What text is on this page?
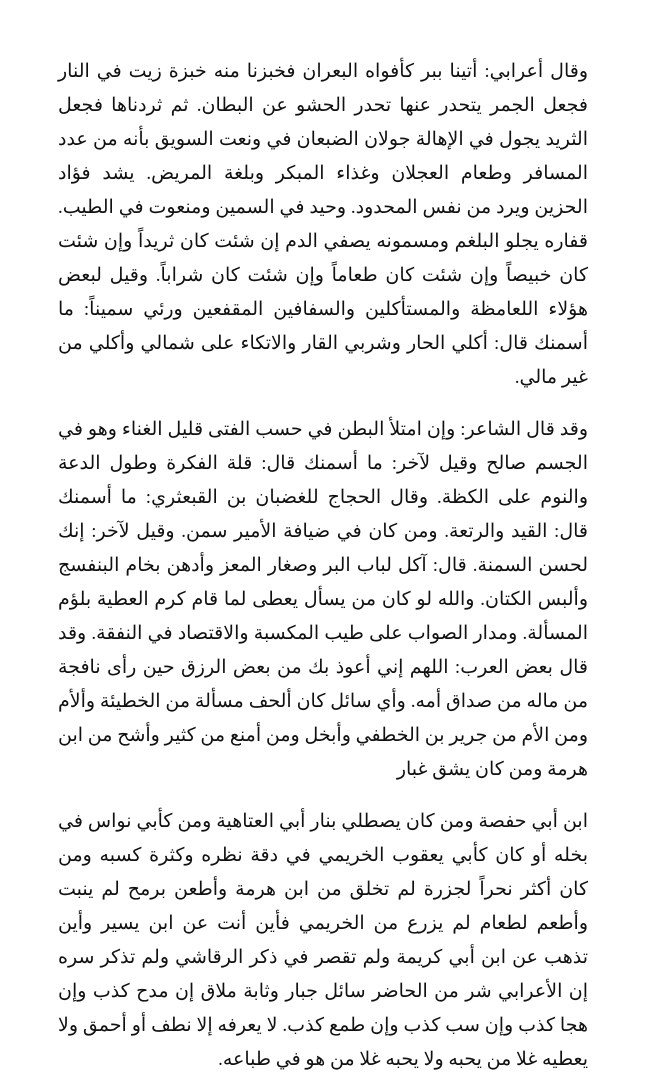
وقال أعرابي: أتينا ببر كأفواه البعران فخبزنا منه خبزة زيت في النار فجعل الجمر يتحدر عنها تحدر الحشو عن البطان. ثم ثردناها فجعل الثريد يجول في الإهالة جولان الضبعان في ونعت السويق بأنه من عدد المسافر وطعام العجلان وغذاء المبكر وبلغة المريض. يشد فؤاد الحزين ويرد من نفس المحدود. وحيد في السمين ومنعوت في الطيب. قفاره يجلو البلغم ومسمونه يصفي الدم إن شئت كان ثريداً وإن شئت كان خبيصاً وإن شئت كان طعاماً وإن شئت كان شراباً. وقيل لبعض هؤلاء اللعامظة والمستأكلين والسفافين المقفعين ورئي سميناً: ما أسمنك قال: أكلي الحار وشربي القار والاتكاء على شمالي وأكلي من غير مالي.

وقد قال الشاعر: وإن امتلأ البطن في حسب الفتى قليل الغناء وهو في الجسم صالح وقيل لآخر: ما أسمنك قال: قلة الفكرة وطول الدعة والنوم على الكظة. وقال الحجاج للغضبان بن القبعثري: ما أسمنك قال: القيد والرتعة. ومن كان في ضيافة الأمير سمن. وقيل لآخر: إنك لحسن السمنة. قال: آكل لباب البر وصغار المعز وأدهن بخام البنفسج وألبس الكتان. والله لو كان من يسأل يعطى لما قام كرم العطية بلؤم المسألة. ومدار الصواب على طيب المكسبة والاقتصاد في النفقة. وقد قال بعض العرب: اللهم إني أعوذ بك من بعض الرزق حين رأى نافجة من ماله من صداق أمه. وأي سائل كان ألحف مسألة من الخطيئة وألأم ومن الأم من جرير بن الخطفي وأبخل ومن أمنع من كثير وأشح من ابن هرمة ومن كان يشق غبار

ابن أبي حفصة ومن كان يصطلي بنار أبي العتاهية ومن كأبي نواس في بخله أو كان كأبي يعقوب الخريمي في دقة نظره وكثرة كسبه ومن كان أكثر نحراً لجزرة لم تخلق من ابن هرمة وأطعن برمح لم ينبت وأطعم لطعام لم يزرع من الخريمي فأين أنت عن ابن يسير وأين تذهب عن ابن أبي كريمة ولم تقصر في ذكر الرقاشي ولم تذكر سره إن الأعرابي شر من الحاضر سائل جبار وثابة ملاق إن مدح كذب وإن هجا كذب وإن سب كذب وإن طمع كذب. لا يعرفه إلا نطف أو أحمق ولا يعطيه غلا من يحبه ولا يحبه غلا من هو في طباعه.
